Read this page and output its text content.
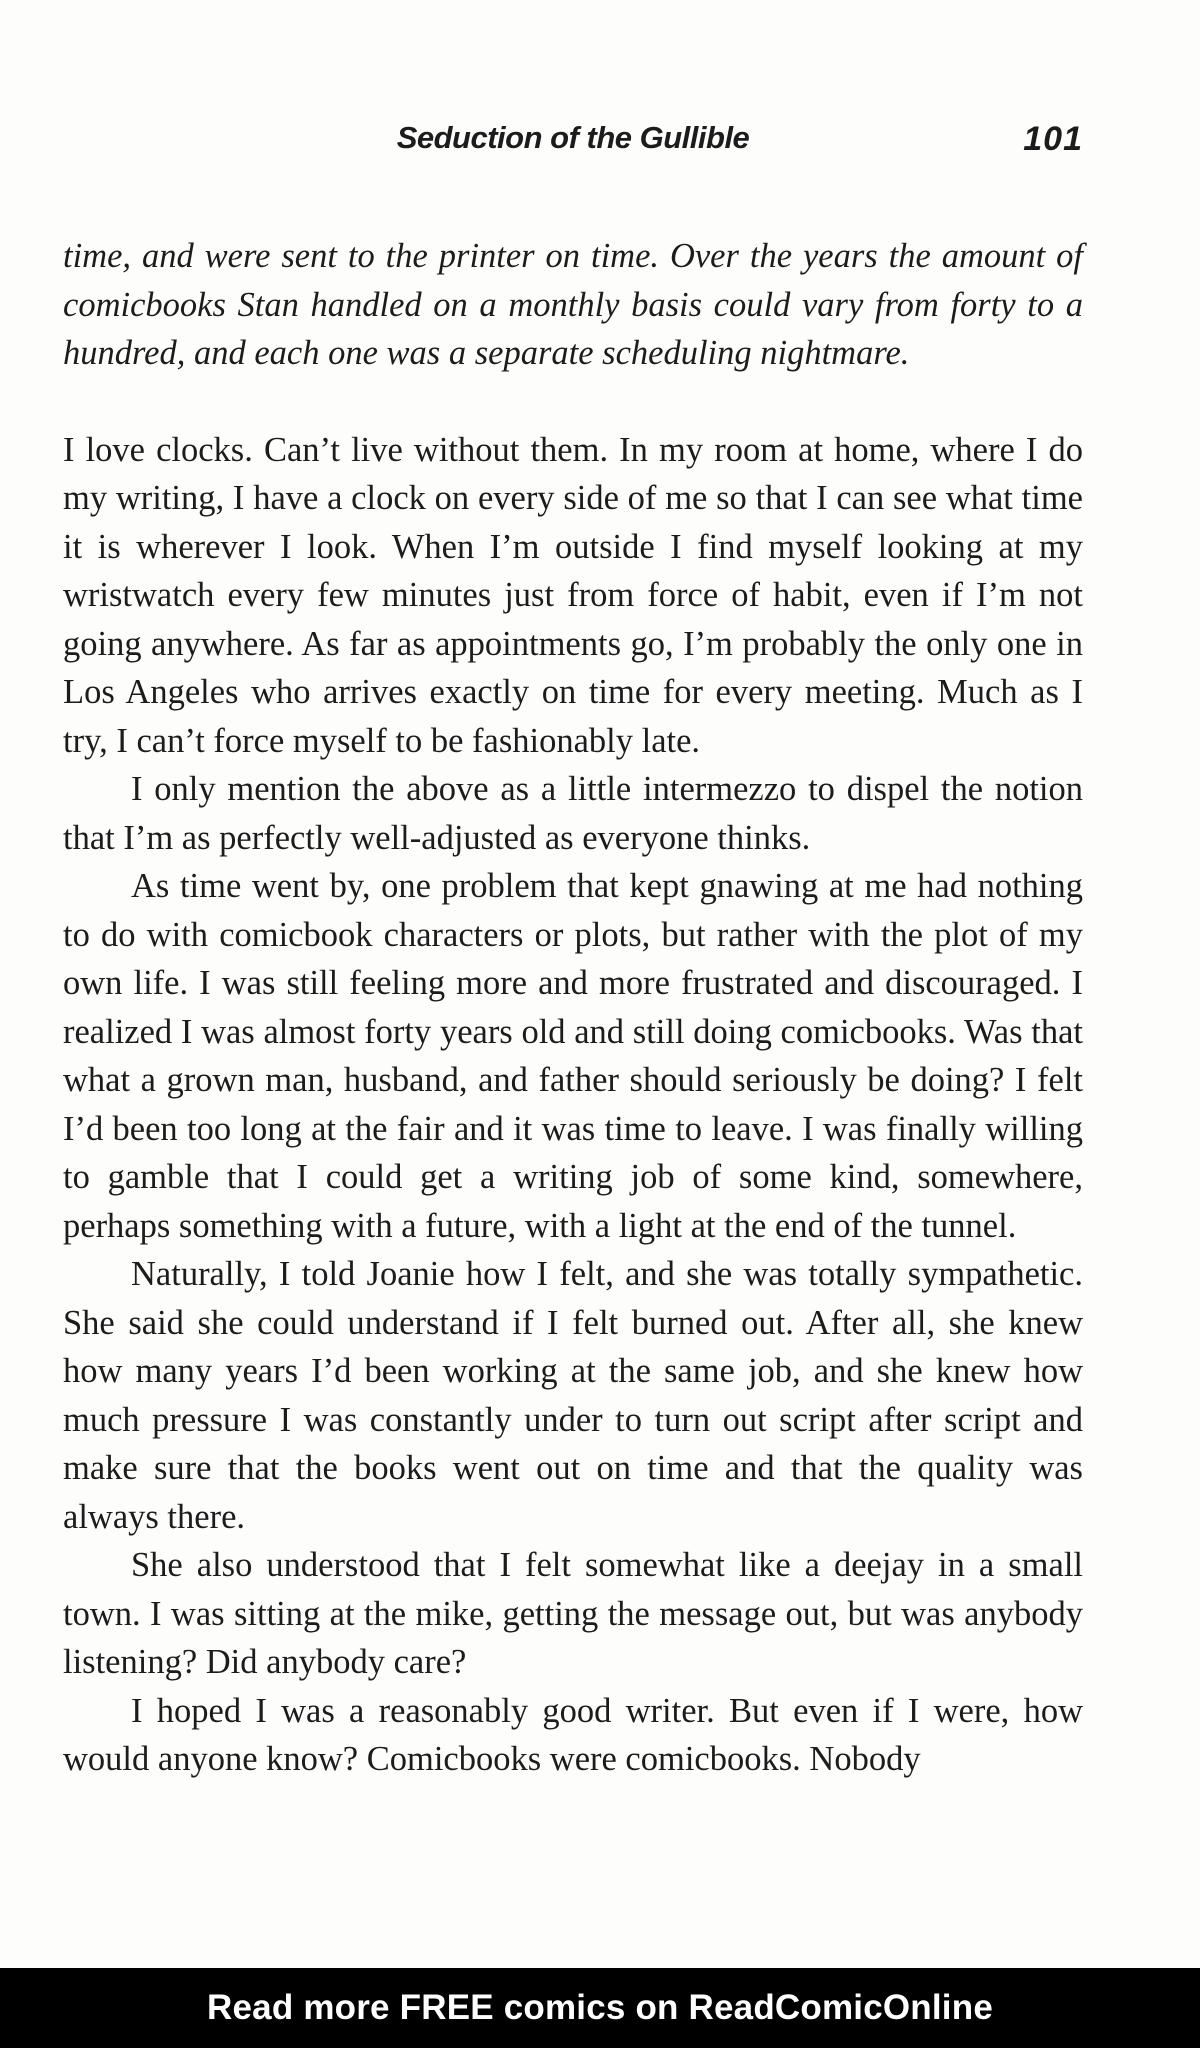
Seduction of the Gullible	101

time, and were sent to the printer on time. Over the years the amount of comicbooks Stan handled on a monthly basis could vary from forty to a hundred, and each one was a separate scheduling nightmare.

I love clocks. Can’t live without them. In my room at home, where I do my writing, I have a clock on every side of me so that I can see what time it is wherever I look. When I’m outside I find myself looking at my wristwatch every few minutes just from force of habit, even if I’m not going anywhere. As far as appointments go, I’m probably the only one in Los Angeles who arrives exactly on time for every meeting. Much as I try, I can’t force myself to be fashionably late.

I only mention the above as a little intermezzo to dispel the notion that I’m as perfectly well-adjusted as everyone thinks.

As time went by, one problem that kept gnawing at me had nothing to do with comicbook characters or plots, but rather with the plot of my own life. I was still feeling more and more frustrated and discouraged. I realized I was almost forty years old and still doing comicbooks. Was that what a grown man, husband, and father should seriously be doing? I felt I’d been too long at the fair and it was time to leave. I was finally willing to gamble that I could get a writing job of some kind, somewhere, perhaps something with a future, with a light at the end of the tunnel.

Naturally, I told Joanie how I felt, and she was totally sympathetic. She said she could understand if I felt burned out. After all, she knew how many years I’d been working at the same job, and she knew how much pressure I was constantly under to turn out script after script and make sure that the books went out on time and that the quality was always there.

She also understood that I felt somewhat like a deejay in a small town. I was sitting at the mike, getting the message out, but was anybody listening? Did anybody care?

I hoped I was a reasonably good writer. But even if I were, how would anyone know? Comicbooks were comicbooks. Nobody

Read more FREE comics on ReadComicOnline
